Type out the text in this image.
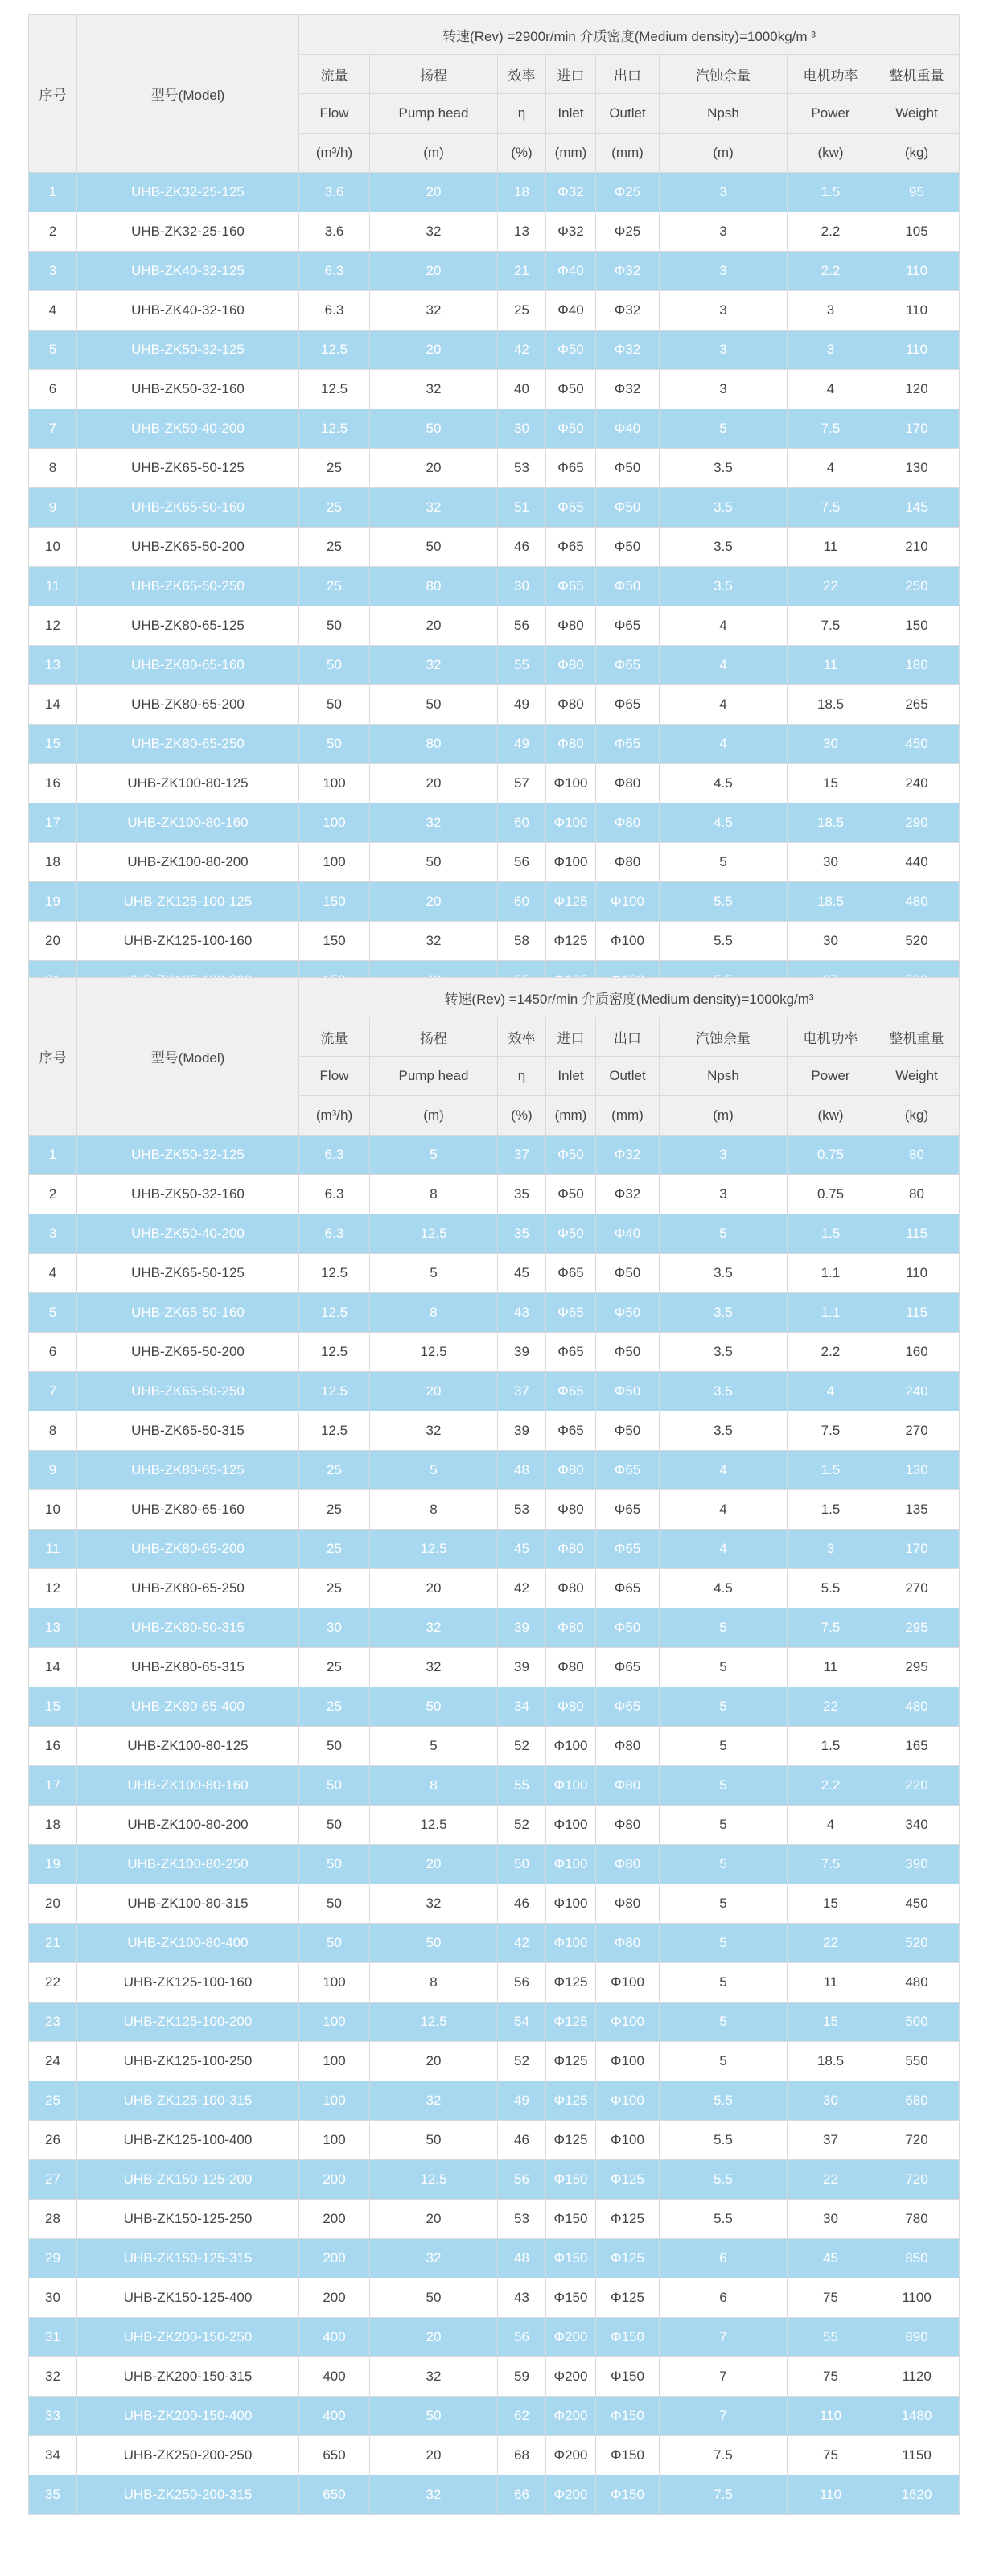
序号	型号(Model)	转速(Rev) =2900r/min 介质密度(Medium density)=1000kg/m ³							
		流量	扬程	效率	进口	出口	汽蚀余量	电机功率	整机重量
		Flow	Pump head	η	Inlet	Outlet	Npsh	Power	Weight
		(m³/h)	(m)	(%)	(mm)	(mm)	(m)	(kw)	(kg)
1	UHB-ZK32-25-125	3.6	20	18	Φ32	Φ25	3	1.5	95
2	UHB-ZK32-25-160	3.6	32	13	Φ32	Φ25	3	2.2	105
3	UHB-ZK40-32-125	6.3	20	21	Φ40	Φ32	3	2.2	110
4	UHB-ZK40-32-160	6.3	32	25	Φ40	Φ32	3	3	110
5	UHB-ZK50-32-125	12.5	20	42	Φ50	Φ32	3	3	110
6	UHB-ZK50-32-160	12.5	32	40	Φ50	Φ32	3	4	120
7	UHB-ZK50-40-200	12.5	50	30	Φ50	Φ40	5	7.5	170
8	UHB-ZK65-50-125	25	20	53	Φ65	Φ50	3.5	4	130
9	UHB-ZK65-50-160	25	32	51	Φ65	Φ50	3.5	7.5	145
10	UHB-ZK65-50-200	25	50	46	Φ65	Φ50	3.5	11	210
11	UHB-ZK65-50-250	25	80	30	Φ65	Φ50	3.5	22	250
12	UHB-ZK80-65-125	50	20	56	Φ80	Φ65	4	7.5	150
13	UHB-ZK80-65-160	50	32	55	Φ80	Φ65	4	11	180
14	UHB-ZK80-65-200	50	50	49	Φ80	Φ65	4	18.5	265
15	UHB-ZK80-65-250	50	80	49	Φ80	Φ65	4	30	450
16	UHB-ZK100-80-125	100	20	57	Φ100	Φ80	4.5	15	240
17	UHB-ZK100-80-160	100	32	60	Φ100	Φ80	4.5	18.5	290
18	UHB-ZK100-80-200	100	50	56	Φ100	Φ80	5	30	440
19	UHB-ZK125-100-125	150	20	60	Φ125	Φ100	5.5	18.5	480
20	UHB-ZK125-100-160	150	32	58	Φ125	Φ100	5.5	30	520

序号	型号(Model)	转速(Rev) =1450r/min 介质密度(Medium density)=1000kg/m³							
		流量	扬程	效率	进口	出口	汽蚀余量	电机功率	整机重量
		Flow	Pump head	η	Inlet	Outlet	Npsh	Power	Weight
		(m³/h)	(m)	(%)	(mm)	(mm)	(m)	(kw)	(kg)
1	UHB-ZK50-32-125	6.3	5	37	Φ50	Φ32	3	0.75	80
2	UHB-ZK50-32-160	6.3	8	35	Φ50	Φ32	3	0.75	80
3	UHB-ZK50-40-200	6.3	12.5	35	Φ50	Φ40	5	1.5	115
4	UHB-ZK65-50-125	12.5	5	45	Φ65	Φ50	3.5	1.1	110
5	UHB-ZK65-50-160	12.5	8	43	Φ65	Φ50	3.5	1.1	115
6	UHB-ZK65-50-200	12.5	12.5	39	Φ65	Φ50	3.5	2.2	160
7	UHB-ZK65-50-250	12.5	20	37	Φ65	Φ50	3.5	4	240
8	UHB-ZK65-50-315	12.5	32	39	Φ65	Φ50	3.5	7.5	270
9	UHB-ZK80-65-125	25	5	48	Φ80	Φ65	4	1.5	130
10	UHB-ZK80-65-160	25	8	53	Φ80	Φ65	4	1.5	135
11	UHB-ZK80-65-200	25	12.5	45	Φ80	Φ65	4	3	170
12	UHB-ZK80-65-250	25	20	42	Φ80	Φ65	4.5	5.5	270
13	UHB-ZK80-50-315	30	32	39	Φ80	Φ50	5	7.5	295
14	UHB-ZK80-65-315	25	32	39	Φ80	Φ65	5	11	295
15	UHB-ZK80-65-400	25	50	34	Φ80	Φ65	5	22	480
16	UHB-ZK100-80-125	50	5	52	Φ100	Φ80	5	1.5	165
17	UHB-ZK100-80-160	50	8	55	Φ100	Φ80	5	2.2	220
18	UHB-ZK100-80-200	50	12.5	52	Φ100	Φ80	5	4	340
19	UHB-ZK100-80-250	50	20	50	Φ100	Φ80	5	7.5	390
20	UHB-ZK100-80-315	50	32	46	Φ100	Φ80	5	15	450
21	UHB-ZK100-80-400	50	50	42	Φ100	Φ80	5	22	520
22	UHB-ZK125-100-160	100	8	56	Φ125	Φ100	5	11	480
23	UHB-ZK125-100-200	100	12.5	54	Φ125	Φ100	5	15	500
24	UHB-ZK125-100-250	100	20	52	Φ125	Φ100	5	18.5	550
25	UHB-ZK125-100-315	100	32	49	Φ125	Φ100	5.5	30	680
26	UHB-ZK125-100-400	100	50	46	Φ125	Φ100	5.5	37	720
27	UHB-ZK150-125-200	200	12.5	56	Φ150	Φ125	5.5	22	720
28	UHB-ZK150-125-250	200	20	53	Φ150	Φ125	5.5	30	780
29	UHB-ZK150-125-315	200	32	48	Φ150	Φ125	6	45	850
30	UHB-ZK150-125-400	200	50	43	Φ150	Φ125	6	75	1100
31	UHB-ZK200-150-250	400	20	56	Φ200	Φ150	7	55	890
32	UHB-ZK200-150-315	400	32	59	Φ200	Φ150	7	75	1120
33	UHB-ZK200-150-400	400	50	62	Φ200	Φ150	7	110	1480
34	UHB-ZK250-200-250	650	20	68	Φ200	Φ150	7.5	75	1150
35	UHB-ZK250-200-315	650	32	66	Φ200	Φ150	7.5	110	1620
